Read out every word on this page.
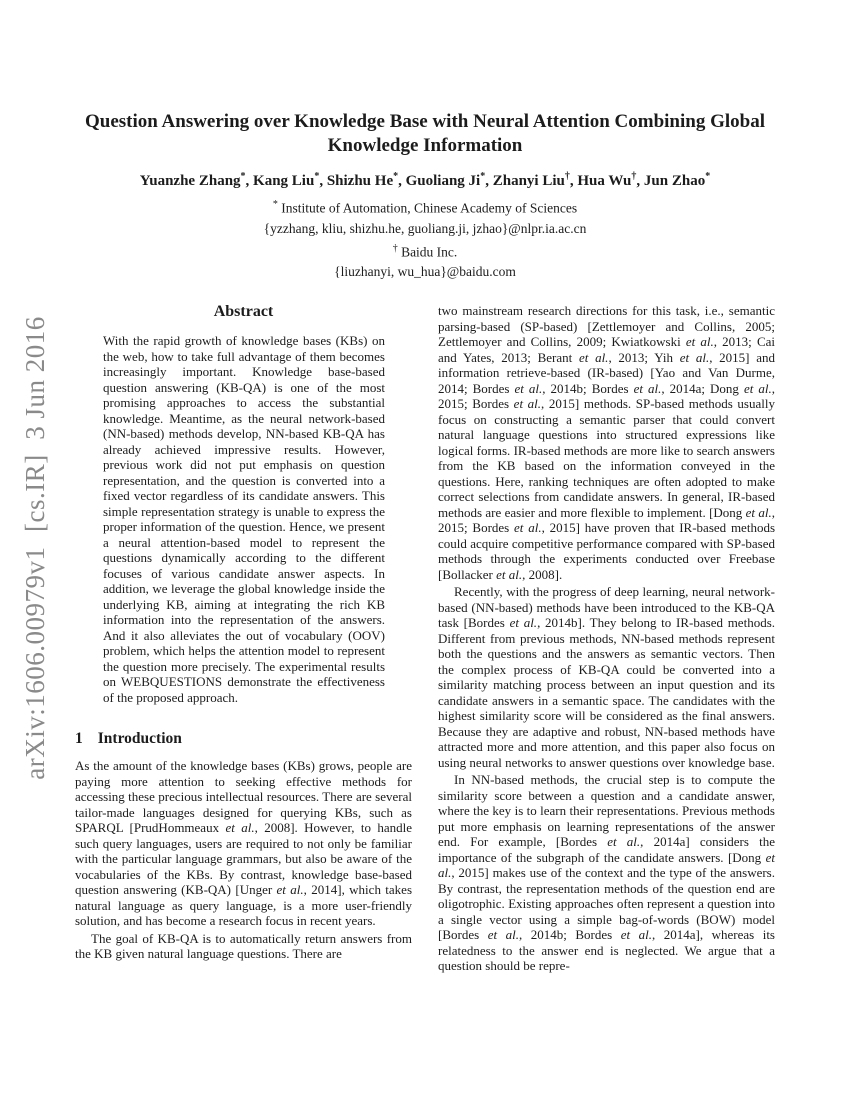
arXiv:1606.00979v1  [cs.IR]  3 Jun 2016
Question Answering over Knowledge Base with Neural Attention Combining Global Knowledge Information
Yuanzhe Zhang*, Kang Liu*, Shizhu He*, Guoliang Ji*, Zhanyi Liu†, Hua Wu†, Jun Zhao*
* Institute of Automation, Chinese Academy of Sciences
{yzzhang, kliu, shizhu.he, guoliang.ji, jzhao}@nlpr.ia.ac.cn
† Baidu Inc.
{liuzhanyi, wu_hua}@baidu.com
Abstract
With the rapid growth of knowledge bases (KBs) on the web, how to take full advantage of them becomes increasingly important. Knowledge base-based question answering (KB-QA) is one of the most promising approaches to access the substantial knowledge. Meantime, as the neural network-based (NN-based) methods develop, NN-based KB-QA has already achieved impressive results. However, previous work did not put emphasis on question representation, and the question is converted into a fixed vector regardless of its candidate answers. This simple representation strategy is unable to express the proper information of the question. Hence, we present a neural attention-based model to represent the questions dynamically according to the different focuses of various candidate answer aspects. In addition, we leverage the global knowledge inside the underlying KB, aiming at integrating the rich KB information into the representation of the answers. And it also alleviates the out of vocabulary (OOV) problem, which helps the attention model to represent the question more precisely. The experimental results on WEBQUESTIONS demonstrate the effectiveness of the proposed approach.
1 Introduction

As the amount of the knowledge bases (KBs) grows, people are paying more attention to seeking effective methods for accessing these precious intellectual resources. There are several tailor-made languages designed for querying KBs, such as SPARQL [PrudHommeaux et al., 2008]. However, to handle such query languages, users are required to not only be familiar with the particular language grammars, but also be aware of the vocabularies of the KBs. By contrast, knowledge base-based question answering (KB-QA) [Unger et al., 2014], which takes natural language as query language, is a more user-friendly solution, and has become a research focus in recent years.

The goal of KB-QA is to automatically return answers from the KB given natural language questions. There are

two mainstream research directions for this task, i.e., semantic parsing-based (SP-based) [Zettlemoyer and Collins, 2005; Zettlemoyer and Collins, 2009; Kwiatkowski et al., 2013; Cai and Yates, 2013; Berant et al., 2013; Yih et al., 2015] and information retrieve-based (IR-based) [Yao and Van Durme, 2014; Bordes et al., 2014b; Bordes et al., 2014a; Dong et al., 2015; Bordes et al., 2015] methods. SP-based methods usually focus on constructing a semantic parser that could convert natural language questions into structured expressions like logical forms. IR-based methods are more like to search answers from the KB based on the information conveyed in the questions. Here, ranking techniques are often adopted to make correct selections from candidate answers. In general, IR-based methods are easier and more flexible to implement. [Dong et al., 2015; Bordes et al., 2015] have proven that IR-based methods could acquire competitive performance compared with SP-based methods through the experiments conducted over Freebase [Bollacker et al., 2008].

Recently, with the progress of deep learning, neural network-based (NN-based) methods have been introduced to the KB-QA task [Bordes et al., 2014b]. They belong to IR-based methods. Different from previous methods, NN-based methods represent both the questions and the answers as semantic vectors. Then the complex process of KB-QA could be converted into a similarity matching process between an input question and its candidate answers in a semantic space. The candidates with the highest similarity score will be considered as the final answers. Because they are adaptive and robust, NN-based methods have attracted more and more attention, and this paper also focus on using neural networks to answer questions over knowledge base.

In NN-based methods, the crucial step is to compute the similarity score between a question and a candidate answer, where the key is to learn their representations. Previous methods put more emphasis on learning representations of the answer end. For example, [Bordes et al., 2014a] considers the importance of the subgraph of the candidate answers. [Dong et al., 2015] makes use of the context and the type of the answers. By contrast, the representation methods of the question end are oligotrophic. Existing approaches often represent a question into a single vector using a simple bag-of-words (BOW) model [Bordes et al., 2014b; Bordes et al., 2014a], whereas its relatedness to the answer end is neglected. We argue that a question should be repre-
